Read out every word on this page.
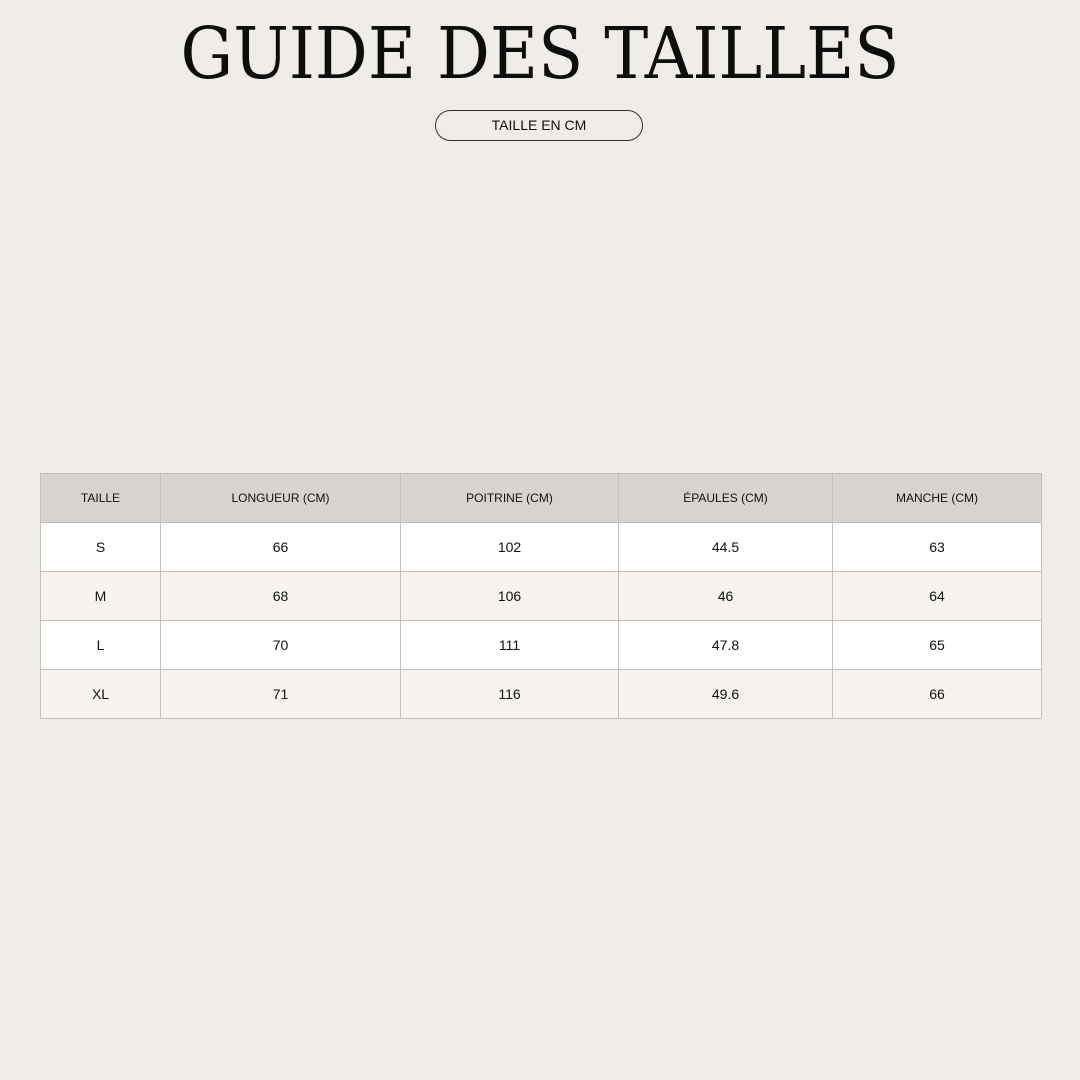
GUIDE DES TAILLES
TAILLE EN CM
TAILLE	LONGUEUR (CM)	POITRINE (CM)	ÉPAULES (CM)	MANCHE (CM)
S	66	102	44.5	63
M	68	106	46	64
L	70	111	47.8	65
XL	71	116	49.6	66
